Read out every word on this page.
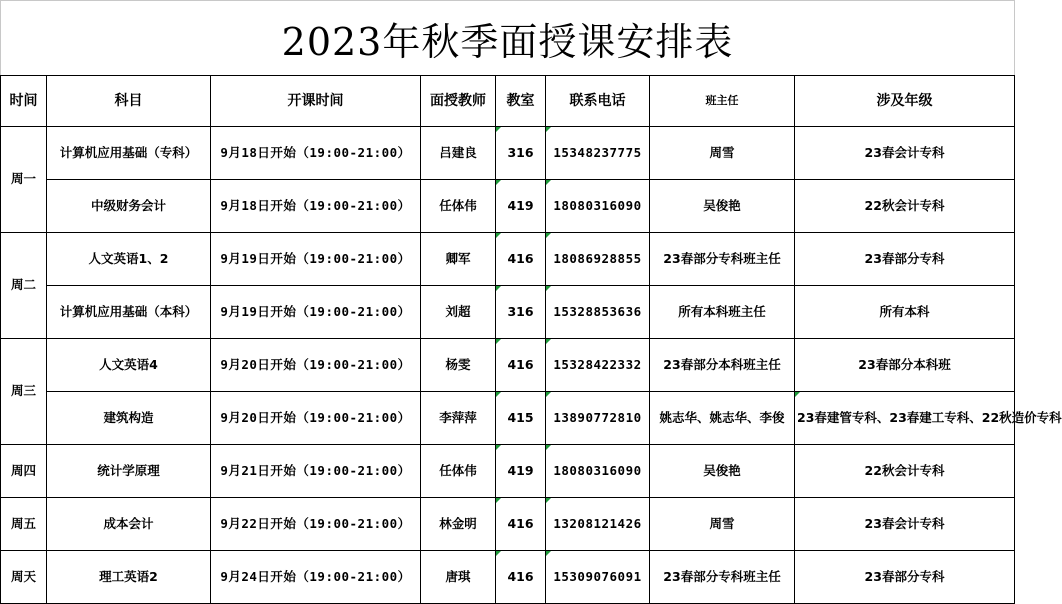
2023年秋季面授课安排表
时间	科目	开课时间	面授教师	教室	联系电话	班主任	涉及年级
周一	计算机应用基础（专科）	9月18日开始（19:00-21:00）	吕建良	316	15348237775	周雪	23春会计专科
	中级财务会计	9月18日开始（19:00-21:00）	任体伟	419	18080316090	吴俊艳	22秋会计专科
周二	人文英语1、2	9月19日开始（19:00-21:00）	卿军	416	18086928855	23春部分专科班主任	23春部分专科
	计算机应用基础（本科）	9月19日开始（19:00-21:00）	刘超	316	15328853636	所有本科班主任	所有本科
周三	人文英语4	9月20日开始（19:00-21:00）	杨雯	416	15328422332	23春部分本科班主任	23春部分本科班
	建筑构造	9月20日开始（19:00-21:00）	李萍萍	415	13890772810	姚志华、姚志华、李俊	23春建管专科、23春建工专科、22秋造价专科
周四	统计学原理	9月21日开始（19:00-21:00）	任体伟	419	18080316090	吴俊艳	22秋会计专科
周五	成本会计	9月22日开始（19:00-21:00）	林金明	416	13208121426	周雪	23春会计专科
周天	理工英语2	9月24日开始（19:00-21:00）	唐琪	416	15309076091	23春部分专科班主任	23春部分专科
